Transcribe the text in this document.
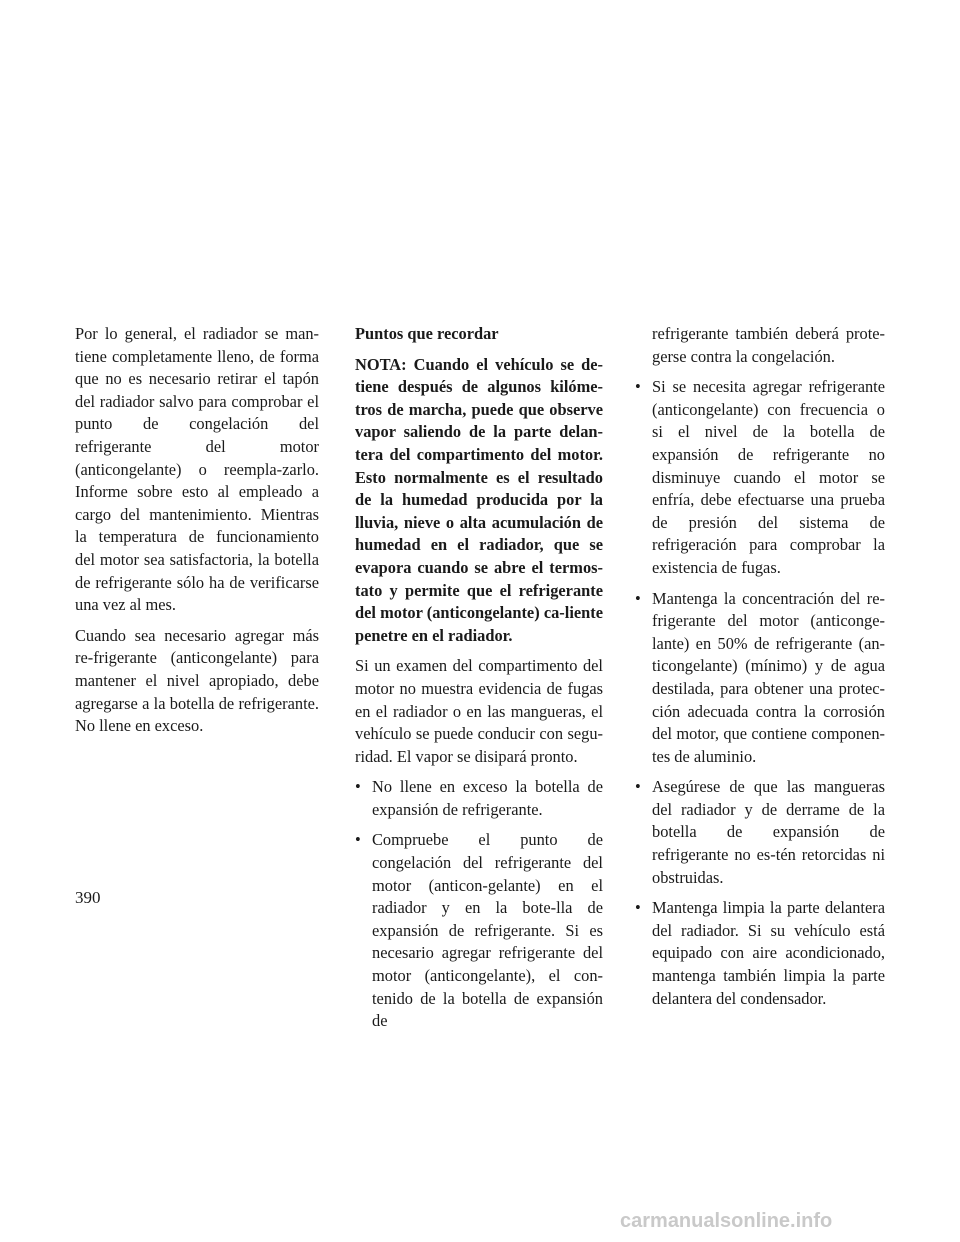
Por lo general, el radiador se man-tiene completamente lleno, de forma que no es necesario retirar el tapón del radiador salvo para comprobar el punto de congelación del refrigerante del motor (anticongelante) o reempla-zarlo. Informe sobre esto al empleado a cargo del mantenimiento. Mientras la temperatura de funcionamiento del motor sea satisfactoria, la botella de refrigerante sólo ha de verificarse una vez al mes.

Cuando sea necesario agregar más re-frigerante (anticongelante) para mantener el nivel apropiado, debe agregarse a la botella de refrigerante. No llene en exceso.

Puntos que recordar

NOTA: Cuando el vehículo se de-tiene después de algunos kilóme-tros de marcha, puede que observe vapor saliendo de la parte delan-tera del compartimento del motor. Esto normalmente es el resultado de la humedad producida por la lluvia, nieve o alta acumulación de humedad en el radiador, que se evapora cuando se abre el termos-tato y permite que el refrigerante del motor (anticongelante) ca-liente penetre en el radiador.

Si un examen del compartimento del motor no muestra evidencia de fugas en el radiador o en las mangueras, el vehículo se puede conducir con segu-ridad. El vapor se disipará pronto.

• No llene en exceso la botella de expansión de refrigerante.
• Compruebe el punto de congelación del refrigerante del motor (anticon-gelante) en el radiador y en la bote-lla de expansión de refrigerante. Si es necesario agregar refrigerante del motor (anticongelante), el con-tenido de la botella de expansión de
refrigerante también deberá prote-gerse contra la congelación.
• Si se necesita agregar refrigerante (anticongelante) con frecuencia o si el nivel de la botella de expansión de refrigerante no disminuye cuando el motor se enfría, debe efectuarse una prueba de presión del sistema de refrigeración para comprobar la existencia de fugas.
• Mantenga la concentración del re-frigerante del motor (anticonge-lante) en 50% de refrigerante (an-ticongelante) (mínimo) y de agua destilada, para obtener una protec-ción adecuada contra la corrosión del motor, que contiene componen-tes de aluminio.
• Asegúrese de que las mangueras del radiador y de derrame de la botella de expansión de refrigerante no es-tén retorcidas ni obstruidas.
• Mantenga limpia la parte delantera del radiador. Si su vehículo está equipado con aire acondicionado, mantenga también limpia la parte delantera del condensador.
390
carmanualsonline.info
